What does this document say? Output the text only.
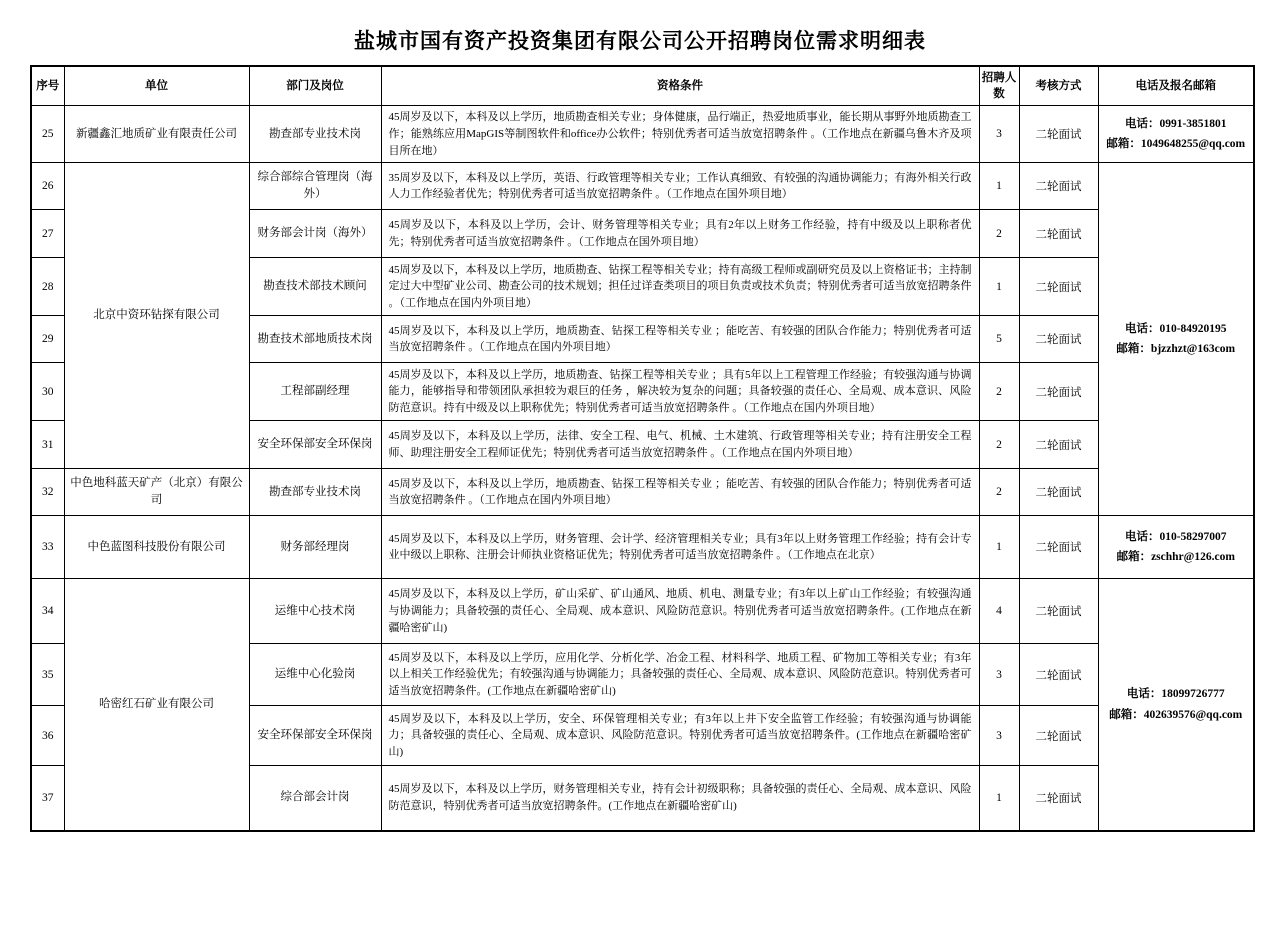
盐城市国有资产投资集团有限公司公开招聘岗位需求明细表
序号	单位	部门及岗位	资格条件	招聘人数	考核方式	电话及报名邮箱
25	新疆鑫汇地质矿业有限责任公司	勘查部专业技术岗	45周岁及以下，本科及以上学历，地质勘查相关专业；身体健康，品行端正，热爱地质事业，能长期从事野外地质勘查工作；能熟练应用MapGIS等制图软件和office办公软件；特别优秀者可适当放宽招聘条件 。（工作地点在新疆乌鲁木齐及项目所在地）	3	二轮面试	电话：0991-3851801
邮箱：1049648255@qq.com

26	北京中资环钻探有限公司	综合部综合管理岗（海外）	35周岁及以下，本科及以上学历，英语、行政管理等相关专业；工作认真细致、有较强的沟通协调能力；有海外相关行政人力工作经验者优先；特别优秀者可适当放宽招聘条件 。（工作地点在国外项目地）	1	二轮面试	电话：010-84920195
邮箱：bjzzhzt@163com

27		财务部会计岗（海外）	45周岁及以下，本科及以上学历，会计、财务管理等相关专业；具有2年以上财务工作经验，持有中级及以上职称者优先；特别优秀者可适当放宽招聘条件 。（工作地点在国外项目地）	2	二轮面试	
28		勘查技术部技术顾问	45周岁及以下，本科及以上学历，地质勘查、钻探工程等相关专业；持有高级工程师或副研究员及以上资格证书；主持制定过大中型矿业公司、勘查公司的技术规划；担任过详查类项目的项目负责或技术负责；特别优秀者可适当放宽招聘条件 。（工作地点在国内外项目地）	1	二轮面试	
29		勘查技术部地质技术岗	45周岁及以下，本科及以上学历，地质勘查、钻探工程等相关专业 ；能吃苦、有较强的团队合作能力；特别优秀者可适当放宽招聘条件 。（工作地点在国内外项目地）	5	二轮面试	
30		工程部副经理	45周岁及以下，本科及以上学历，地质勘查、钻探工程等相关专业 ；具有5年以上工程管理工作经验；有较强沟通与协调能力，能够指导和带领团队承担较为艰巨的任务 ，解决较为复杂的问题；具备较强的责任心、全局观、成本意识、风险防范意识。持有中级及以上职称优先；特别优秀者可适当放宽招聘条件 。（工作地点在国内外项目地）	2	二轮面试	
31		安全环保部安全环保岗	45周岁及以下，本科及以上学历，法律、安全工程、电气、机械、土木建筑、行政管理等相关专业；持有注册安全工程师、助理注册安全工程师证优先；特别优秀者可适当放宽招聘条件 。（工作地点在国内外项目地）	2	二轮面试	
32	中色地科蓝天矿产（北京）有限公司	勘查部专业技术岗	45周岁及以下，本科及以上学历，地质勘查、钻探工程等相关专业 ；能吃苦、有较强的团队合作能力；特别优秀者可适当放宽招聘条件 。（工作地点在国内外项目地）	2	二轮面试	
33	中色蓝图科技股份有限公司	财务部经理岗	45周岁及以下，本科及以上学历，财务管理、会计学、经济管理相关专业；具有3年以上财务管理工作经验；持有会计专业中级以上职称、注册会计师执业资格证优先；特别优秀者可适当放宽招聘条件 。（工作地点在北京）	1	二轮面试	电话：010-58297007
邮箱：zschhr@126.com

34	哈密红石矿业有限公司	运维中心技术岗	45周岁及以下，本科及以上学历，矿山采矿、矿山通风、地质、机电、测量专业；有3年以上矿山工作经验；有较强沟通与协调能力；具备较强的责任心、全局观、成本意识、风险防范意识。特别优秀者可适当放宽招聘条件。(工作地点在新疆哈密矿山)	4	二轮面试	电话：18099726777
邮箱：402639576@qq.com

35		运维中心化验岗	45周岁及以下，本科及以上学历，应用化学、分析化学、冶金工程、材料科学、地质工程、矿物加工等相关专业；有3年以上相关工作经验优先；有较强沟通与协调能力；具备较强的责任心、全局观、成本意识、风险防范意识。特别优秀者可适当放宽招聘条件。(工作地点在新疆哈密矿山)	3	二轮面试	
36		安全环保部安全环保岗	45周岁及以下，本科及以上学历，安全、环保管理相关专业；有3年以上井下安全监管工作经验；有较强沟通与协调能力；具备较强的责任心、全局观、成本意识、风险防范意识。特别优秀者可适当放宽招聘条件。(工作地点在新疆哈密矿山)	3	二轮面试	
37		综合部会计岗	45周岁及以下，本科及以上学历，财务管理相关专业，持有会计初级职称；具备较强的责任心、全局观、成本意识、风险防范意识，特别优秀者可适当放宽招聘条件。(工作地点在新疆哈密矿山)	1	二轮面试	
